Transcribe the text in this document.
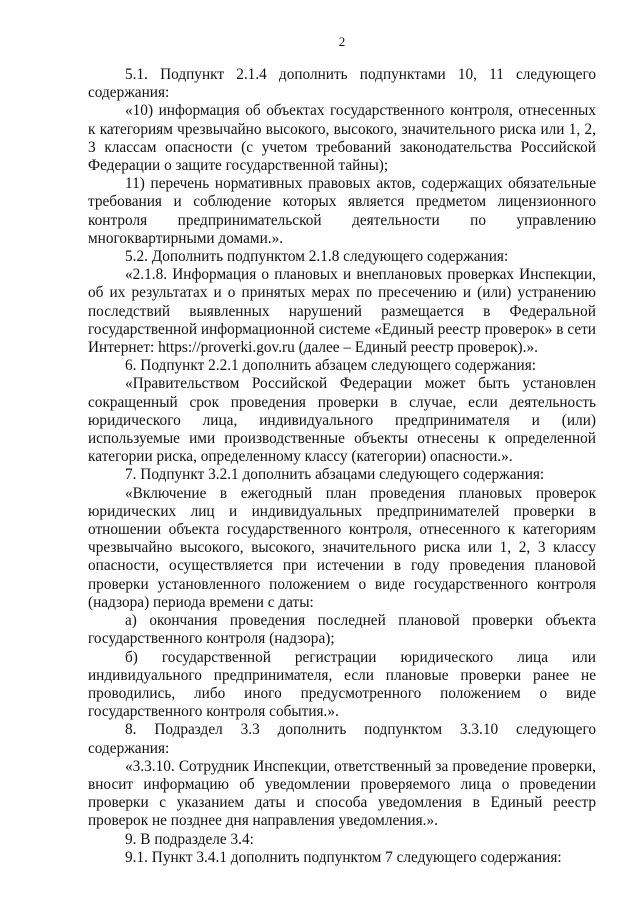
2

5.1. Подпункт 2.1.4 дополнить подпунктами 10, 11 следующего содержания:

«10) информация об объектах государственного контроля, отнесенных к категориям чрезвычайно высокого, высокого, значительного риска или 1, 2, 3 классам опасности (с учетом требований законодательства Российской Федерации о защите государственной тайны);

11) перечень нормативных правовых актов, содержащих обязательные требования и соблюдение которых является предметом лицензионного контроля предпринимательской деятельности по управлению многоквартирными домами.».

5.2. Дополнить подпунктом 2.1.8 следующего содержания:

«2.1.8. Информация о плановых и внеплановых проверках Инспекции, об их результатах и о принятых мерах по пресечению и (или) устранению последствий выявленных нарушений размещается в Федеральной государственной информационной системе «Единый реестр проверок» в сети Интернет: https://proverki.gov.ru (далее – Единый реестр проверок).».

6. Подпункт 2.2.1 дополнить абзацем следующего содержания:

«Правительством Российской Федерации может быть установлен сокращенный срок проведения проверки в случае, если деятельность юридического лица, индивидуального предпринимателя и (или) используемые ими производственные объекты отнесены к определенной категории риска, определенному классу (категории) опасности.».

7. Подпункт 3.2.1 дополнить абзацами следующего содержания:

«Включение в ежегодный план проведения плановых проверок юридических лиц и индивидуальных предпринимателей проверки в отношении объекта государственного контроля, отнесенного к категориям чрезвычайно высокого, высокого, значительного риска или 1, 2, 3 классу опасности, осуществляется при истечении в году проведения плановой проверки установленного положением о виде государственного контроля (надзора) периода времени с даты:

а) окончания проведения последней плановой проверки объекта государственного контроля (надзора);

б) государственной регистрации юридического лица или индивидуального предпринимателя, если плановые проверки ранее не проводились, либо иного предусмотренного положением о виде государственного контроля события.».

8. Подраздел 3.3 дополнить подпунктом 3.3.10 следующего содержания:

«3.3.10. Сотрудник Инспекции, ответственный за проведение проверки, вносит информацию об уведомлении проверяемого лица о проведении проверки с указанием даты и способа уведомления в Единый реестр проверок не позднее дня направления уведомления.».

9. В подразделе 3.4:

9.1. Пункт 3.4.1 дополнить подпунктом 7 следующего содержания:
